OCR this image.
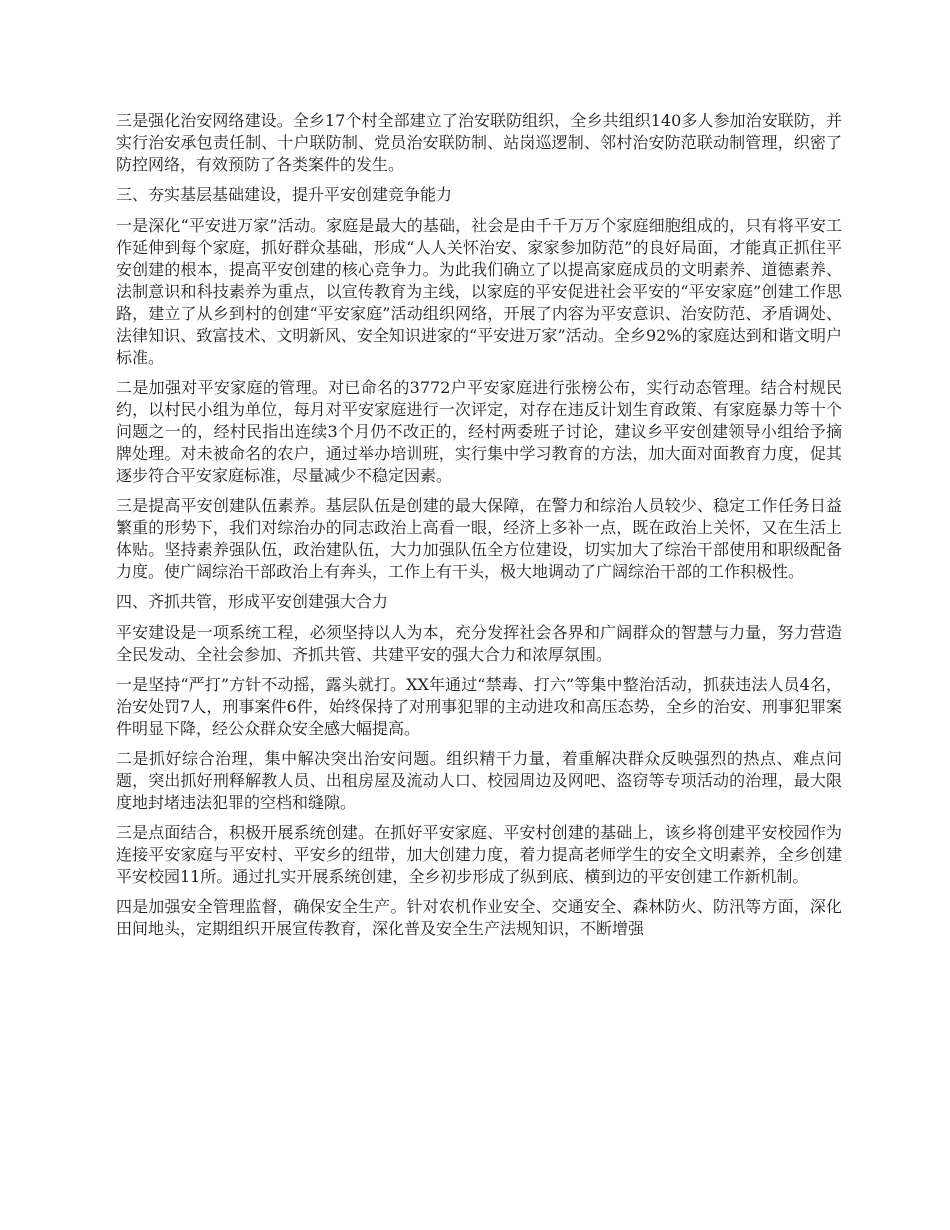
三是强化治安网络建设。全乡17个村全部建立了治安联防组织，全乡共组织140多人参加治安联防，并实行治安承包责任制、十户联防制、党员治安联防制、站岗巡逻制、邻村治安防范联动制管理，织密了防控网络，有效预防了各类案件的发生。

三、夯实基层基础建设，提升平安创建竞争能力

一是深化“平安进万家”活动。家庭是最大的基础，社会是由千千万万个家庭细胞组成的，只有将平安工作延伸到每个家庭，抓好群众基础，形成“人人关怀治安、家家参加防范”的良好局面，才能真正抓住平安创建的根本，提高平安创建的核心竞争力。为此我们确立了以提高家庭成员的文明素养、道德素养、法制意识和科技素养为重点，以宣传教育为主线，以家庭的平安促进社会平安的“平安家庭”创建工作思路，建立了从乡到村的创建“平安家庭”活动组织网络，开展了内容为平安意识、治安防范、矛盾调处、法律知识、致富技术、文明新风、安全知识进家的“平安进万家”活动。全乡92%的家庭达到和谐文明户标准。

二是加强对平安家庭的管理。对已命名的3772户平安家庭进行张榜公布，实行动态管理。结合村规民约，以村民小组为单位，每月对平安家庭进行一次评定，对存在违反计划生育政策、有家庭暴力等十个问题之一的，经村民指出连续3个月仍不改正的，经村两委班子讨论，建议乡平安创建领导小组给予摘牌处理。对未被命名的农户，通过举办培训班，实行集中学习教育的方法，加大面对面教育力度，促其逐步符合平安家庭标准，尽量减少不稳定因素。

三是提高平安创建队伍素养。基层队伍是创建的最大保障，在警力和综治人员较少、稳定工作任务日益繁重的形势下，我们对综治办的同志政治上高看一眼，经济上多补一点，既在政治上关怀，又在生活上体贴。坚持素养强队伍，政治建队伍，大力加强队伍全方位建设，切实加大了综治干部使用和职级配备力度。使广阔综治干部政治上有奔头，工作上有干头，极大地调动了广阔综治干部的工作积极性。

四、齐抓共管，形成平安创建强大合力

平安建设是一项系统工程，必须坚持以人为本，充分发挥社会各界和广阔群众的智慧与力量，努力营造全民发动、全社会参加、齐抓共管、共建平安的强大合力和浓厚氛围。

一是坚持“严打”方针不动摇，露头就打。XX年通过“禁毒、打六”等集中整治活动，抓获违法人员4名，治安处罚7人，刑事案件6件，始终保持了对刑事犯罪的主动进攻和高压态势，全乡的治安、刑事犯罪案件明显下降，经公众群众安全感大幅提高。

二是抓好综合治理，集中解决突出治安问题。组织精干力量，着重解决群众反映强烈的热点、难点问题，突出抓好刑释解教人员、出租房屋及流动人口、校园周边及网吧、盗窃等专项活动的治理，最大限度地封堵违法犯罪的空档和缝隙。

三是点面结合，积极开展系统创建。在抓好平安家庭、平安村创建的基础上，该乡将创建平安校园作为连接平安家庭与平安村、平安乡的纽带，加大创建力度，着力提高老师学生的安全文明素养，全乡创建平安校园11所。通过扎实开展系统创建，全乡初步形成了纵到底、横到边的平安创建工作新机制。

四是加强安全管理监督，确保安全生产。针对农机作业安全、交通安全、森林防火、防汛等方面，深化田间地头，定期组织开展宣传教育，深化普及安全生产法规知识，不断增强
